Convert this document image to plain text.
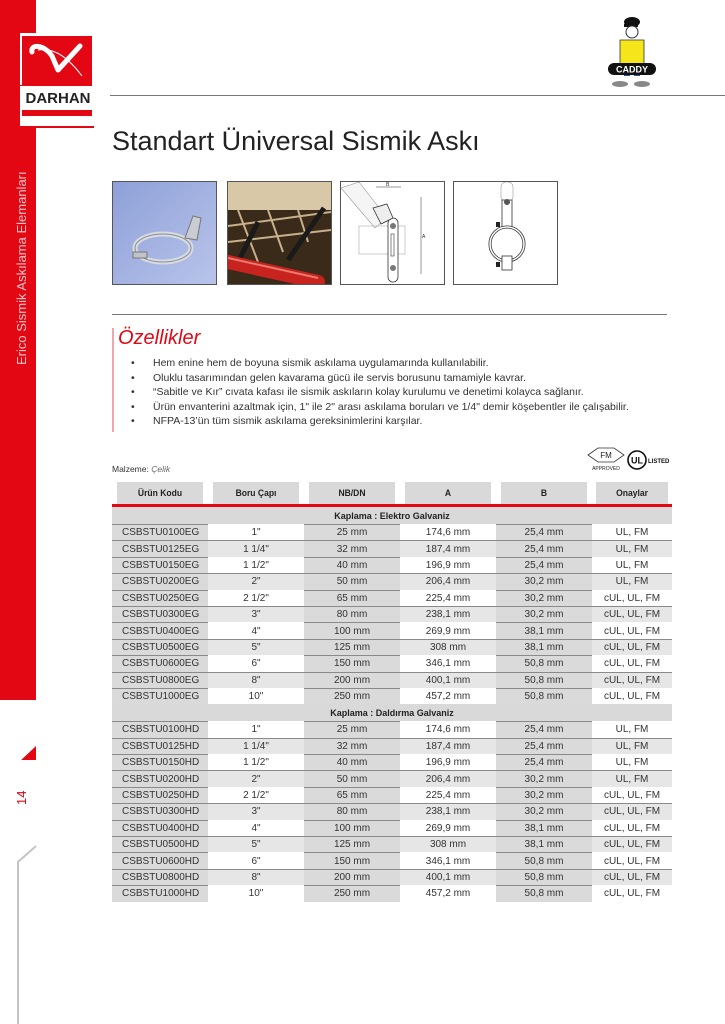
Erico Sismik Askılama Elemanları
14
DARHAN
CADDY
Standart Üniversal Sismik Askı
B
A
Özellikler
• Hem enine hem de boyuna sismik askılama uygulamarında kullanılabilir.
• Oluklu tasarımından gelen kavarama gücü ile servis borusunu tamamiyle kavrar.
• “Sabitle ve Kır” cıvata kafası ile sismik askıların kolay kurulumu ve denetimi kolayca sağlanır.
• Ürün envanterini azaltmak için, 1" ile 2" arası askılama boruları ve 1/4" demir köşebentler ile çalışabilir.
• NFPA-13’ün tüm sismik askılama gereksinimlerini karşılar.
Malzeme: Çelik
FM
APPROVED
UL LISTED
Ürün Kodu	Boru Çapı	NB/DN	A	B	Onaylar
Kaplama : Elektro Galvaniz					
CSBSTU0100EG	1"	25 mm	174,6 mm	25,4 mm	UL, FM
CSBSTU0125EG	1 1/4"	32 mm	187,4 mm	25,4 mm	UL, FM
CSBSTU0150EG	1 1/2"	40 mm	196,9 mm	25,4 mm	UL, FM
CSBSTU0200EG	2"	50 mm	206,4 mm	30,2 mm	UL, FM
CSBSTU0250EG	2 1/2"	65 mm	225,4 mm	30,2 mm	cUL, UL, FM
CSBSTU0300EG	3"	80 mm	238,1 mm	30,2 mm	cUL, UL, FM
CSBSTU0400EG	4"	100 mm	269,9 mm	38,1 mm	cUL, UL, FM
CSBSTU0500EG	5"	125 mm	308 mm	38,1 mm	cUL, UL, FM
CSBSTU0600EG	6"	150 mm	346,1 mm	50,8 mm	cUL, UL, FM
CSBSTU0800EG	8"	200 mm	400,1 mm	50,8 mm	cUL, UL, FM
CSBSTU1000EG	10"	250 mm	457,2 mm	50,8 mm	cUL, UL, FM
Kaplama : Daldırma Galvaniz					
CSBSTU0100HD	1"	25 mm	174,6 mm	25,4 mm	UL, FM
CSBSTU0125HD	1 1/4"	32 mm	187,4 mm	25,4 mm	UL, FM
CSBSTU0150HD	1 1/2"	40 mm	196,9 mm	25,4 mm	UL, FM
CSBSTU0200HD	2"	50 mm	206,4 mm	30,2 mm	UL, FM
CSBSTU0250HD	2 1/2"	65 mm	225,4 mm	30,2 mm	cUL, UL, FM
CSBSTU0300HD	3"	80 mm	238,1 mm	30,2 mm	cUL, UL, FM
CSBSTU0400HD	4"	100 mm	269,9 mm	38,1 mm	cUL, UL, FM
CSBSTU0500HD	5"	125 mm	308 mm	38,1 mm	cUL, UL, FM
CSBSTU0600HD	6"	150 mm	346,1 mm	50,8 mm	cUL, UL, FM
CSBSTU0800HD	8"	200 mm	400,1 mm	50,8 mm	cUL, UL, FM
CSBSTU1000HD	10"	250 mm	457,2 mm	50,8 mm	cUL, UL, FM
